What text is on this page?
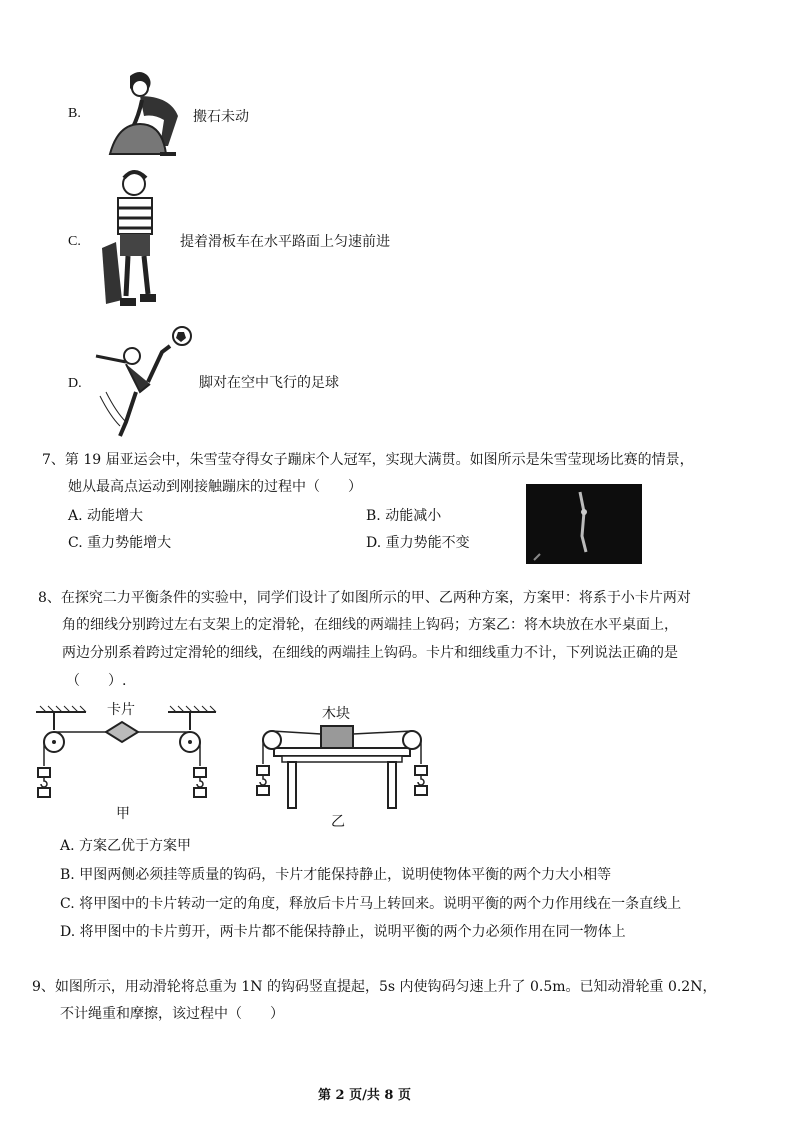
B.	搬石未动
C.	提着滑板车在水平路面上匀速前进
D.	脚对在空中飞行的足球
7、第 19 届亚运会中，朱雪莹夺得女子蹦床个人冠军，实现大满贯。如图所示是朱雪莹现场比赛的情景，
她从最高点运动到刚接触蹦床的过程中（　　）
A. 动能增大	B. 动能减小
C. 重力势能增大	D. 重力势能不变
8、在探究二力平衡条件的实验中，同学们设计了如图所示的甲、乙两种方案，方案甲：将系于小卡片两对
角的细线分别跨过左右支架上的定滑轮，在细线的两端挂上钩码；方案乙：将木块放在水平桌面上，
两边分别系着跨过定滑轮的细线，在细线的两端挂上钩码。卡片和细线重力不计，下列说法正确的是
（　　）.
卡片
甲
木块
乙
A. 方案乙优于方案甲
B. 甲图两侧必须挂等质量的钩码，卡片才能保持静止，说明使物体平衡的两个力大小相等
C. 将甲图中的卡片转动一定的角度，释放后卡片马上转回来。说明平衡的两个力作用线在一条直线上
D. 将甲图中的卡片剪开，两卡片都不能保持静止，说明平衡的两个力必须作用在同一物体上
9、如图所示，用动滑轮将总重为 1N 的钩码竖直提起，5s 内使钩码匀速上升了 0.5m。已知动滑轮重 0.2N，
不计绳重和摩擦，该过程中（　　）
第 2 页/共 8 页
